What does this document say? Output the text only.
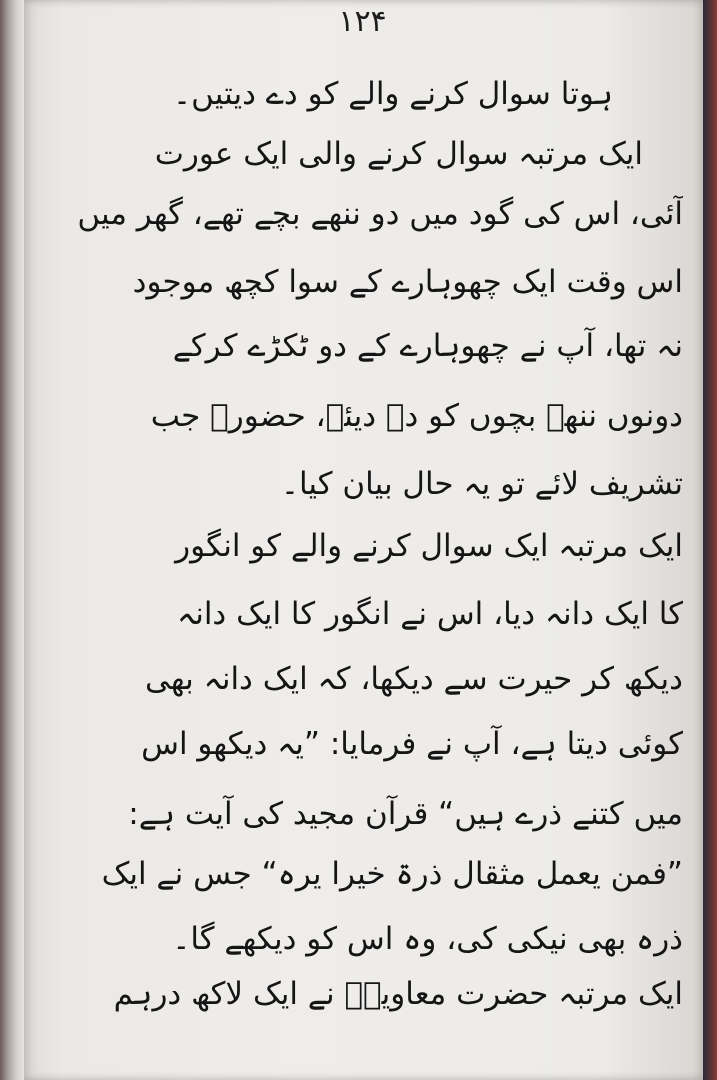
۱۲۴
ہوتا سوال کرنے والے کو دے دیتیں۔
ایک مرتبہ سوال کرنے والی ایک عورت
آئی، اس کی گود میں دو ننھے بچے تھے، گھر میں
اس وقت ایک چھوہارے کے سوا کچھ موجود
نہ تھا، آپ نے چھوہارے کے دو ٹکڑے کرکے
دونوں ننھے بچوں کو دے دیئے، حضورؐ جب
تشریف لائے تو یہ حال بیان کیا۔
ایک مرتبہ ایک سوال کرنے والے کو انگور
کا ایک دانہ دیا، اس نے انگور کا ایک دانہ
دیکھ کر حیرت سے دیکھا، کہ ایک دانہ بھی
کوئی دیتا ہے، آپ نے فرمایا: ”یہ دیکھو اس
میں کتنے ذرے ہیں“ قرآن مجید کی آیت ہے:
”فمن یعمل مثقال ذرۃ خیرا یرہ“ جس نے ایک
ذرہ بھی نیکی کی، وہ اس کو دیکھے گا۔
ایک مرتبہ حضرت معاویہؓ نے ایک لاکھ درہم
